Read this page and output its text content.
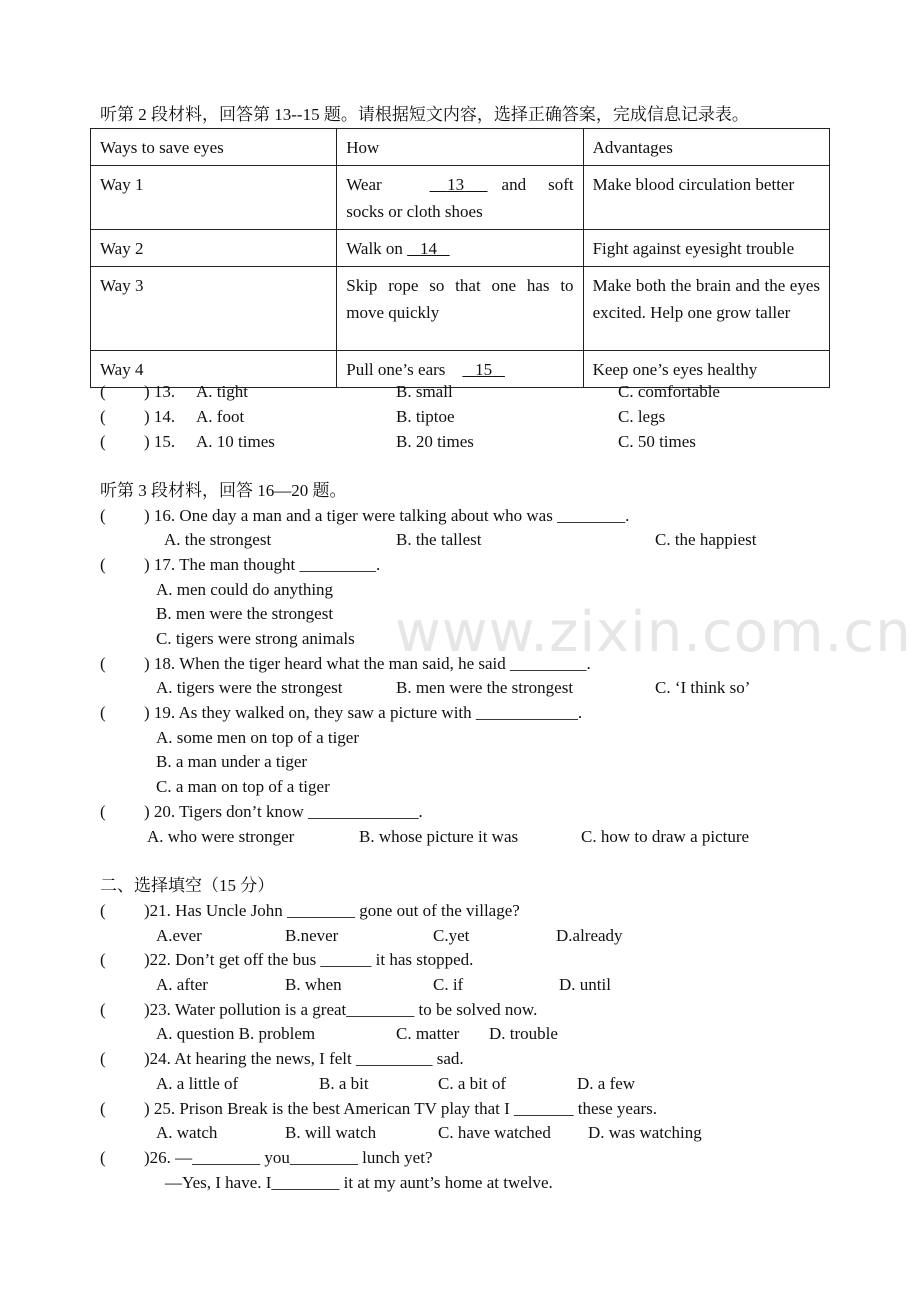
www.zixin.com.cn
听第 2 段材料，回答第 13--15 题。请根据短文内容，选择正确答案，完成信息记录表。
Ways to save eyes	How	Advantages
Way 1	Wear 13 and soft socks or cloth shoes	Make blood circulation better
Way 2	Walk on    14	Fight against eyesight trouble
Way 3	Skip rope so that one has to move quickly	Make both the brain and the eyes excited. Help one grow taller
Way 4	Pull one’s ears       15	Keep one’s eyes healthy
( ) 13. A. tight	B. small	C. comfortable
( ) 14. A. foot	B. tiptoe	C. legs
( ) 15. A. 10 times	B. 20 times	C. 50 times
听第 3 段材料，回答 16—20 题。
( ) 16. One day a man and a tiger were talking about who was ________.
A. the strongest	B. the tallest	C. the happiest
( ) 17. The man thought _________.
A. men could do anything
B. men were the strongest
C. tigers were strong animals
( ) 18. When the tiger heard what the man said, he said _________.
A. tigers were the strongest	B. men were the strongest	C. ‘I think so’
( ) 19. As they walked on, they saw a picture with ____________.
A. some men on top of a tiger
B. a man under a tiger
C. a man on top of a tiger
( ) 20. Tigers don’t know _____________.
A. who were stronger	B. whose picture it was	C. how to draw a picture
二、选择填空（15 分）
( )21. Has Uncle John ________ gone out of the village?
A.ever	B.never	C.yet	D.already
( )22. Don’t get off the bus ______ it has stopped.
A. after	B. when	C. if	D. until
( )23. Water pollution is a great________ to be solved now.
A. question B. problem	C. matter D. trouble
( )24. At hearing the news, I felt _________ sad.
A. a little of	B. a bit	C. a bit of	D. a few
( ) 25. Prison Break is the best American TV play that I _______ these years.
A. watch	B. will watch	C. have watched D. was watching
( )26. —________ you________ lunch yet?
—Yes, I have. I________ it at my aunt’s home at twelve.
